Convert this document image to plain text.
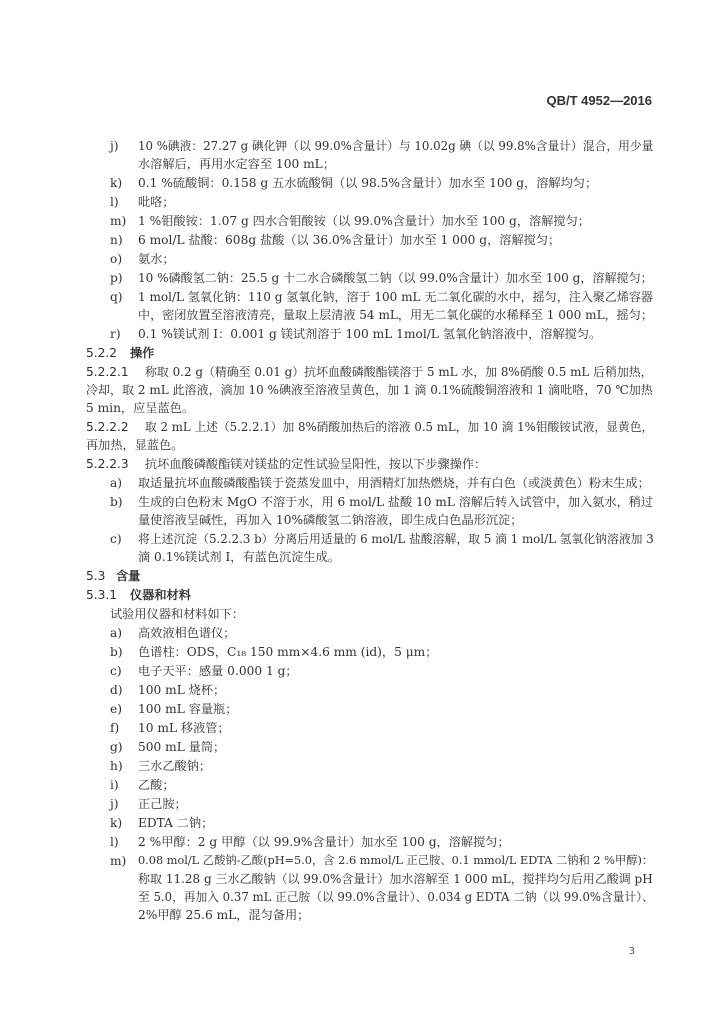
QB/T 4952—2016
j) 10 %碘液：27.27 g 碘化钾（以 99.0%含量计）与 10.02g 碘（以 99.8%含量计）混合，用少量
水溶解后，再用水定容至 100 mL；
k) 0.1 %硫酸铜：0.158 g 五水硫酸铜（以 98.5%含量计）加水至 100 g，溶解均匀；
l) 吡咯；
m) 1 %钼酸铵：1.07 g 四水合钼酸铵（以 99.0%含量计）加水至 100 g，溶解搅匀；
n) 6 mol/L 盐酸：608g 盐酸（以 36.0%含量计）加水至 1 000 g，溶解搅匀；
o) 氨水；
p) 10 %磷酸氢二钠：25.5 g 十二水合磷酸氢二钠（以 99.0%含量计）加水至 100 g，溶解搅匀；
q) 1 mol/L 氢氧化钠：110 g 氢氧化钠，溶于 100 mL 无二氧化碳的水中，摇匀，注入聚乙烯容器
中，密闭放置至溶液清亮，量取上层清液 54 mL，用无二氧化碳的水稀释至 1 000 mL，摇匀；
r) 0.1 %镁试剂 I：0.001 g 镁试剂溶于 100 mL 1mol/L 氢氧化钠溶液中，溶解搅匀。
5.2.2 操作
5.2.2.1 称取 0.2 g（精确至 0.01 g）抗坏血酸磷酸酯镁溶于 5 mL 水，加 8%硝酸 0.5 mL 后稍加热，
冷却，取 2 mL 此溶液，滴加 10 %碘液至溶液呈黄色，加 1 滴 0.1%硫酸铜溶液和 1 滴吡咯，70 ℃加热
5 min，应呈蓝色。
5.2.2.2 取 2 mL 上述（5.2.2.1）加 8%硝酸加热后的溶液 0.5 mL，加 10 滴 1%钼酸铵试液，显黄色，
再加热，显蓝色。
5.2.2.3 抗坏血酸磷酸酯镁对镁盐的定性试验呈阳性，按以下步骤操作：
a) 取适量抗坏血酸磷酸酯镁于瓷蒸发皿中，用酒精灯加热燃烧，并有白色（或淡黄色）粉末生成；
b) 生成的白色粉末 MgO 不溶于水，用 6 mol/L 盐酸 10 mL 溶解后转入试管中，加入氨水，稍过
量使溶液呈碱性，再加入 10%磷酸氢二钠溶液，即生成白色晶形沉淀；
c) 将上述沉淀（5.2.2.3 b）分离后用适量的 6 mol/L 盐酸溶解，取 5 滴 1 mol/L 氢氧化钠溶液加 3
滴 0.1%镁试剂 I，有蓝色沉淀生成。
5.3 含量
5.3.1 仪器和材料
试验用仪器和材料如下：
a) 高效液相色谱仪；
b) 色谱柱：ODS，C₁₈ 150 mm×4.6 mm (id)，5 μm；
c) 电子天平：感量 0.000 1 g；
d) 100 mL 烧杯；
e) 100 mL 容量瓶；
f) 10 mL 移液管；
g) 500 mL 量筒；
h) 三水乙酸钠；
i) 乙酸；
j) 正己胺；
k) EDTA 二钠；
l) 2 %甲醇：2 g 甲醇（以 99.9%含量计）加水至 100 g，溶解搅匀；
m) 0.08 mol/L 乙酸钠-乙酸(pH=5.0，含 2.6 mmol/L 正己胺、0.1 mmol/L EDTA 二钠和 2 %甲醇)：
称取 11.28 g 三水乙酸钠（以 99.0%含量计）加水溶解至 1 000 mL，搅拌均匀后用乙酸调 pH
至 5.0，再加入 0.37 mL 正己胺（以 99.0%含量计）、0.034 g EDTA 二钠（以 99.0%含量计）、
2%甲醇 25.6 mL，混匀备用；
3
